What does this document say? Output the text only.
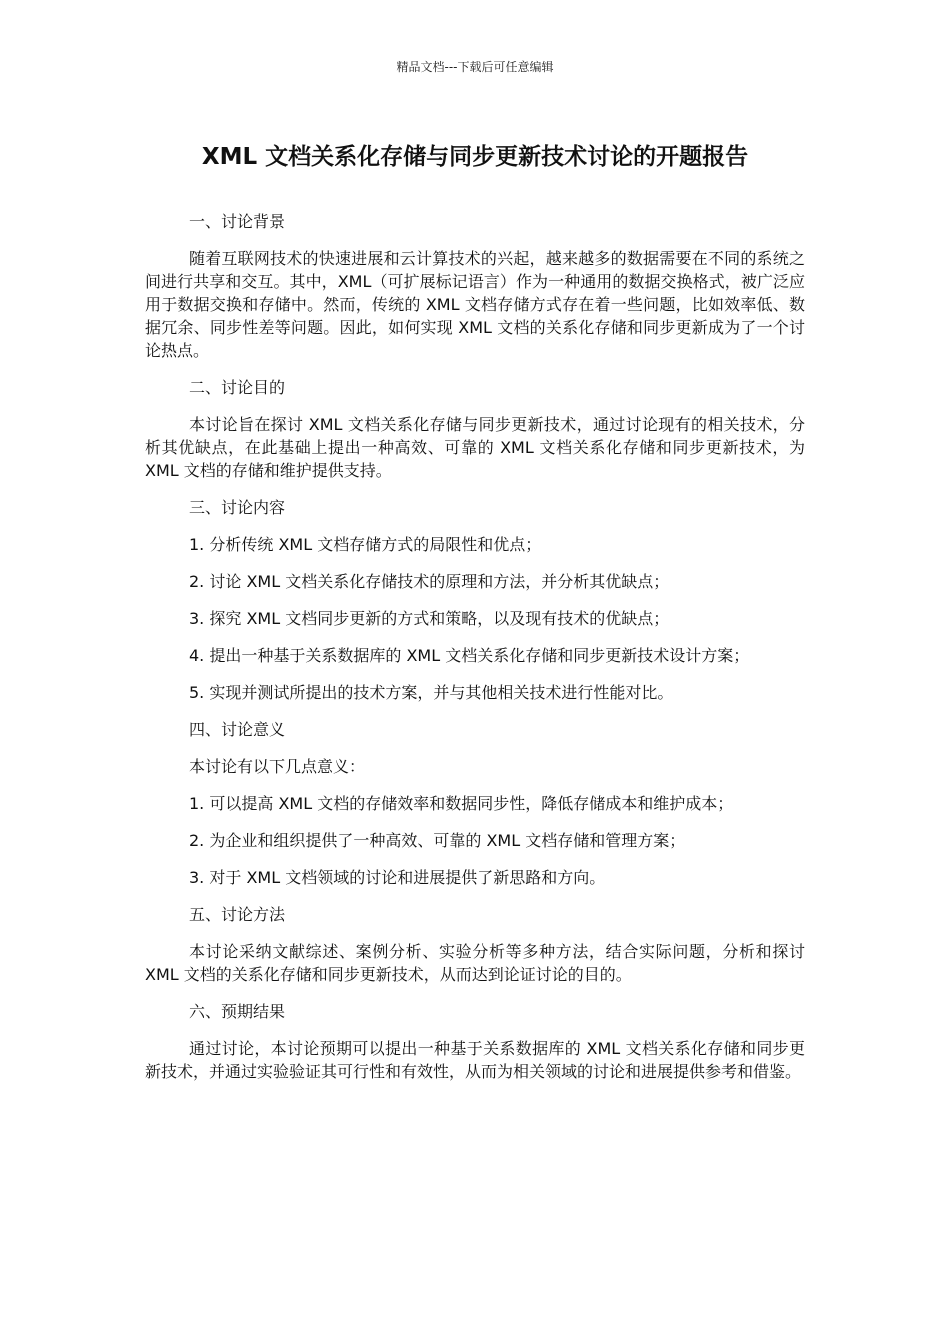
精品文档---下载后可任意编辑
XML 文档关系化存储与同步更新技术讨论的开题报告

一、讨论背景

随着互联网技术的快速进展和云计算技术的兴起，越来越多的数据需要在不同的系统之间进行共享和交互。其中，XML（可扩展标记语言）作为一种通用的数据交换格式，被广泛应用于数据交换和存储中。然而，传统的 XML 文档存储方式存在着一些问题，比如效率低、数据冗余、同步性差等问题。因此，如何实现 XML 文档的关系化存储和同步更新成为了一个讨论热点。

二、讨论目的

本讨论旨在探讨 XML 文档关系化存储与同步更新技术，通过讨论现有的相关技术，分析其优缺点，在此基础上提出一种高效、可靠的 XML 文档关系化存储和同步更新技术，为 XML 文档的存储和维护提供支持。

三、讨论内容

1. 分析传统 XML 文档存储方式的局限性和优点；

2. 讨论 XML 文档关系化存储技术的原理和方法，并分析其优缺点；

3. 探究 XML 文档同步更新的方式和策略，以及现有技术的优缺点；

4. 提出一种基于关系数据库的 XML 文档关系化存储和同步更新技术设计方案；

5. 实现并测试所提出的技术方案，并与其他相关技术进行性能对比。

四、讨论意义

本讨论有以下几点意义：

1. 可以提高 XML 文档的存储效率和数据同步性，降低存储成本和维护成本；

2. 为企业和组织提供了一种高效、可靠的 XML 文档存储和管理方案；

3. 对于 XML 文档领域的讨论和进展提供了新思路和方向。

五、讨论方法

本讨论采纳文献综述、案例分析、实验分析等多种方法，结合实际问题，分析和探讨 XML 文档的关系化存储和同步更新技术，从而达到论证讨论的目的。

六、预期结果

通过讨论，本讨论预期可以提出一种基于关系数据库的 XML 文档关系化存储和同步更新技术，并通过实验验证其可行性和有效性，从而为相关领域的讨论和进展提供参考和借鉴。
